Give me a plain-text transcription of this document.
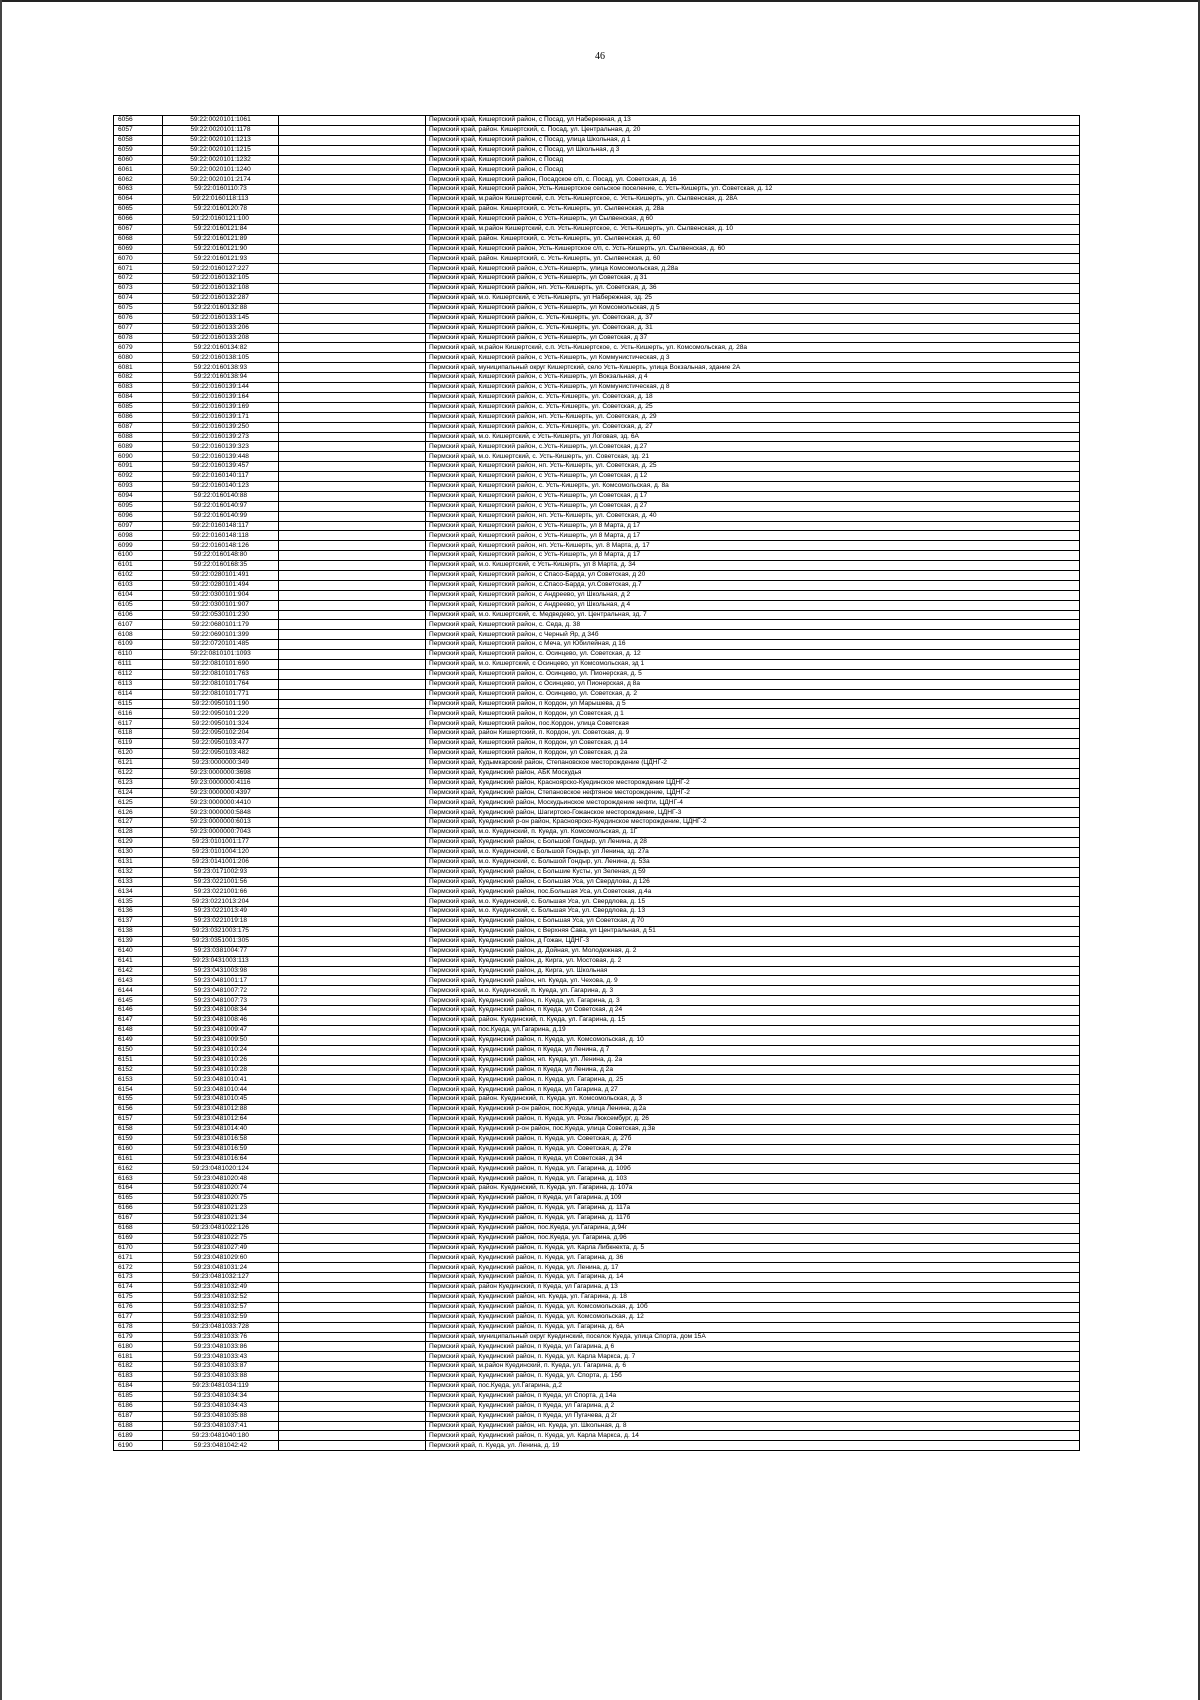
46
6056	59:22:0020101:1061		Пермский край, Кишертский район, с Посад, ул Набережная, д 13
6057	59:22:0020101:1178		Пермский край, район. Кишертский, с. Посад, ул. Центральная, д. 20
6058	59:22:0020101:1213		Пермский край, Кишертский район, с Посад, улица Школьная, д 1
6059	59:22:0020101:1215		Пермский край, Кишертский район, с Посад, ул Школьная, д 3
6060	59:22:0020101:1232		Пермский край, Кишертский район, с Посад
6061	59:22:0020101:1240		Пермский край, Кишертский район, с Посад
6062	59:22:0020101:2174		Пермский край, Кишертский район, Посадское с/п, с. Посад, ул. Советская, д. 16
6063	59:22:0160110:73		Пермский край, Кишертский район, Усть-Кишертское сельское поселение, с. Усть-Кишерть, ул. Советская, д. 12
6064	59:22:0160118:113		Пермский край, м.район Кишертский, с.п. Усть-Кишертское, с. Усть-Кишерть, ул. Сылвенская, д. 28А
6065	59:22:0160120:78		Пермский край, район. Кишертский, с. Усть-Кишерть, ул. Сылвенская, д. 28а
6066	59:22:0160121:100		Пермский край, Кишертский район, с Усть-Кишерть, ул Сылвенская, д 60
6067	59:22:0160121:84		Пермский край, м.район Кишертский, с.п. Усть-Кишертское, с. Усть-Кишерть, ул. Сылвенская, д. 10
6068	59:22:0160121:89		Пермский край, район. Кишертский, с. Усть-Кишерть, ул. Сылвенская, д. 60
6069	59:22:0160121:90		Пермский край, Кишертский район, Усть-Кишертское с/п, с. Усть-Кишерть, ул. Сылвенская, д. 60
6070	59:22:0160121:93		Пермский край, район. Кишертский, с. Усть-Кишерть, ул. Сылвенская, д. 60
6071	59:22:0160127:227		Пермский край, Кишертский район, с.Усть-Кишерть, улица Комсомольская, д.28а
6072	59:22:0160132:105		Пермский край, Кишертский район, с Усть-Кишерть, ул Советская, д 31
6073	59:22:0160132:108		Пермский край, Кишертский район, нп. Усть-Кишерть, ул. Советская, д. 36
6074	59:22:0160132:287		Пермский край, м.о. Кишертский, с Усть-Кишерть, ул Набережная, зд. 25
6075	59:22:0160132:88		Пермский край, Кишертский район, с Усть-Кишерть, ул Комсомольская, д 5
6076	59:22:0160133:145		Пермский край, Кишертский район, с. Усть-Кишерть, ул. Советская, д. 37
6077	59:22:0160133:206		Пермский край, Кишертский район, с. Усть-Кишерть, ул. Советская, д. 31
6078	59:22:0160133:208		Пермский край, Кишертский район, с Усть-Кишерть, ул Советская, д 37
6079	59:22:0160134:82		Пермский край, м.район Кишертский, с.п. Усть-Кишертское, с. Усть-Кишерть, ул. Комсомольская, д. 28а
6080	59:22:0160138:105		Пермский край, Кишертский район, с Усть-Кишерть, ул Коммунистическая, д 3
6081	59:22:0160138:93		Пермский край, муниципальный округ Кишертский, село Усть-Кишерть, улица Вокзальная, здание 2А
6082	59:22:0160138:94		Пермский край, Кишертский район, с Усть-Кишерть, ул Вокзальная, д 4
6083	59:22:0160139:144		Пермский край, Кишертский район, с Усть-Кишерть, ул Коммунистическая, д 8
6084	59:22:0160139:164		Пермский край, Кишертский район, с. Усть-Кишерть, ул. Советская, д. 18
6085	59:22:0160139:169		Пермский край, Кишертский район, с. Усть-Кишерть, ул. Советская, д. 25
6086	59:22:0160139:171		Пермский край, Кишертский район, нп. Усть-Кишерть, ул. Советская, д. 29
6087	59:22:0160139:250		Пермский край, Кишертский район, с. Усть-Кишерть, ул. Советская, д. 27
6088	59:22:0160139:273		Пермский край, м.о. Кишертский, с Усть-Кишерть, ул Логовая, зд. 6А
6089	59:22:0160139:323		Пермский край, Кишертский район, с.Усть-Кишерть, ул.Советская, д.27
6090	59:22:0160139:448		Пермский край, м.о. Кишертский, с. Усть-Кишерть, ул. Советская, зд. 21
6091	59:22:0160139:457		Пермский край, Кишертский район, нп. Усть-Кишерть, ул. Советская, д. 25
6092	59:22:0160140:117		Пермский край, Кишертский район, с Усть-Кишерть, ул Советская, д 12
6093	59:22:0160140:123		Пермский край, Кишертский район, с. Усть-Кишерть, ул. Комсомольская, д. 8а
6094	59:22:0160140:88		Пермский край, Кишертский район, с Усть-Кишерть, ул Советская, д 17
6095	59:22:0160140:97		Пермский край, Кишертский район, с Усть-Кишерть, ул Советская, д 27
6096	59:22:0160140:99		Пермский край, Кишертский район, нп. Усть-Кишерть, ул. Советская, д. 40
6097	59:22:0160148:117		Пермский край, Кишертский район, с Усть-Кишерть, ул 8 Марта, д 17
6098	59:22:0160148:118		Пермский край, Кишертский район, с Усть-Кишерть, ул 8 Марта, д 17
6099	59:22:0160148:126		Пермский край, Кишертский район, нп. Усть-Кишерть, ул. 8 Марта, д. 17
6100	59:22:0160148:80		Пермский край, Кишертский район, с Усть-Кишерть, ул 8 Марта, д 17
6101	59:22:0160168:35		Пермский край, м.о. Кишертский, с Усть-Кишерть, ул 8 Марта, д. 34
6102	59:22:0280101:491		Пермский край, Кишертский район, с Спасо-Барда, ул Советская, д 20
6103	59:22:0280101:494		Пермский край, Кишертский район, с.Спасо-Барда, ул.Советская, д.7
6104	59:22:0300101:904		Пермский край, Кишертский район, с Андреево, ул Школьная, д 2
6105	59:22:0300101:907		Пермский край, Кишертский район, с Андреево, ул Школьная, д 4
6106	59:22:0530101:230		Пермский край, м.о. Кишертский, с. Медведево, ул. Центральная, зд. 7
6107	59:22:0680101:179		Пермский край, Кишертский район, с. Седа, д. 38
6108	59:22:0690101:399		Пермский край, Кишертский район, с Черный Яр, д 34б
6109	59:22:0720101:485		Пермский край, Кишертский район, с Меча, ул Юбилейная, д 16
6110	59:22:0810101:1093		Пермский край, Кишертский район, с. Осинцево, ул. Советская, д. 12
6111	59:22:0810101:690		Пермский край, м.о. Кишертский, с Осинцево, ул Комсомольская, зд 1
6112	59:22:0810101:763		Пермский край, Кишертский район, с. Осинцево, ул. Пионерская, д. 5
6113	59:22:0810101:764		Пермский край, Кишертский район, с Осинцево, ул Пионерская, д 8а
6114	59:22:0810101:771		Пермский край, Кишертский район, с. Осинцево, ул. Советская, д. 2
6115	59:22:0950101:190		Пермский край, Кишертский район, п Кордон, ул Марышева, д 5
6116	59:22:0950101:229		Пермский край, Кишертский район, п Кордон, ул Советская, д 1
6117	59:22:0950101:324		Пермский край, Кишертский район, пос.Кордон, улица Советская
6118	59:22:0950102:204		Пермский край, район Кишертский, п. Кордон, ул. Советская, д. 9
6119	59:22:0950103:477		Пермский край, Кишертский район, п Кордон, ул Советская, д 14
6120	59:22:0950103:482		Пермский край, Кишертский район, п Кордон, ул Советская, д 2а
6121	59:23:0000000:349		Пермский край, Кудымкарский район, Степановское месторождение (ЦДНГ-2
6122	59:23:0000000:3698		Пермский край, Куединский район, АБК Москудья
6123	59:23:0000000:4116		Пермский край, Куединский район, Красноярско-Куединское месторождение ЦДНГ-2
6124	59:23:0000000:4397		Пермский край, Куединский район, Степановское нефтяное месторождение, ЦДНГ-2
6125	59:23:0000000:4410		Пермский край, Куединский район, Москудьинское месторождение нефти, ЦДНГ-4
6126	59:23:0000000:5848		Пермский край, Куединский район, Шагиртско-Гожанское месторождение, ЦДНГ-3
6127	59:23:0000000:6013		Пермский край, Куединский р-он район, Красноярско-Куединское месторождение, ЦДНГ-2
6128	59:23:0000000:7043		Пермский край, м.о. Куединский, п. Куеда, ул. Комсомольская, д. 1Г
6129	59:23:0101001:177		Пермский край, Куединский район, с Большой Гондыр, ул Ленина, д 28
6130	59:23:0101004:120		Пермский край, м.о. Куединский, с Большой Гондыр, ул Ленина, зд. 27а
6131	59:23:0141001:206		Пермский край, м.о. Куединский, с. Большой Гондыр, ул. Ленина, д. 53а
6132	59:23:0171002:93		Пермский край, Куединский район, с Большие Кусты, ул Зеленая, д 59
6133	59:23:0221001:56		Пермский край, Куединский район, с Большая Уса, ул Свердлова, д 126
6134	59:23:0221001:66		Пермский край, Куединский район, пос.Большая Уса, ул.Советская, д.4а
6135	59:23:0221013:204		Пермский край, м.о. Куединский, с. Большая Уса, ул. Свердлова, д. 15
6136	59:23:0221013:49		Пермский край, м.о. Куединский, с. Большая Уса, ул. Свердлова, д. 13
6137	59:23:0221019:18		Пермский край, Куединский район, с Большая Уса, ул Советская, д 70
6138	59:23:0321003:175		Пермский край, Куединский район, с Верхняя Сава, ул Центральная, д 51
6139	59:23:0351001:305		Пермский край, Куединский район, д Гожан, ЦДНГ-3
6140	59:23:0381004:77		Пермский край, Куединский район, д. Дойная, ул. Молодежная, д. 2
6141	59:23:0431003:113		Пермский край, Куединский район, д. Кирга, ул. Мостовая, д. 2
6142	59:23:0431003:98		Пермский край, Куединский район, д. Кирга, ул. Школьная
6143	59:23:0481001:17		Пермский край, Куединский район, нп. Куеда, ул. Чехова, д. 9
6144	59:23:0481007:72		Пермский край, м.о. Куединский, п. Куеда, ул. Гагарина, д. 3
6145	59:23:0481007:73		Пермский край, Куединский район, п. Куеда, ул. Гагарина, д. 3
6146	59:23:0481008:34		Пермский край, Куединский район, п Куеда, ул Советская, д 24
6147	59:23:0481008:46		Пермский край, район. Куединский, п. Куеда, ул. Гагарина, д. 15
6148	59:23:0481009:47		Пермский край, пос.Куеда, ул.Гагарина, д.19
6149	59:23:0481009:50		Пермский край, Куединский район, п. Куеда, ул. Комсомольская, д. 10
6150	59:23:0481010:24		Пермский край, Куединский район, п Куеда, ул Ленина, д 7
6151	59:23:0481010:26		Пермский край, Куединский район, нп. Куеда, ул. Ленина, д. 2а
6152	59:23:0481010:28		Пермский край, Куединский район, п Куеда, ул Ленина, д 2а
6153	59:23:0481010:41		Пермский край, Куединский район, п. Куеда, ул. Гагарина, д. 25
6154	59:23:0481010:44		Пермский край, Куединский район, п Куеда, ул Гагарина, д 27
6155	59:23:0481010:45		Пермский край, район. Куединский, п. Куеда, ул. Комсомольская, д. 3
6156	59:23:0481012:88		Пермский край, Куединский р-он район, пос.Куеда, улица Ленина, д.2а
6157	59:23:0481012:64		Пермский край, Куединский район, п. Куеда, ул. Розы Люксембург, д. 26
6158	59:23:0481014:40		Пермский край, Куединский р-он район, пос.Куеда, улица Советская, д.3в
6159	59:23:0481016:58		Пермский край, Куединский район, п. Куеда, ул. Советская, д. 27б
6160	59:23:0481016:59		Пермский край, Куединский район, п. Куеда, ул. Советская, д. 27в
6161	59:23:0481016:64		Пермский край, Куединский район, п Куеда, ул Советская, д 34
6162	59:23:0481020:124		Пермский край, Куединский район, п. Куеда, ул. Гагарина, д. 109б
6163	59:23:0481020:48		Пермский край, Куединский район, п. Куеда, ул. Гагарина, д. 103
6164	59:23:0481020:74		Пермский край, район. Куединский, п. Куеда, ул. Гагарина, д. 107а
6165	59:23:0481020:75		Пермский край, Куединский район, п Куеда, ул Гагарина, д 109
6166	59:23:0481021:23		Пермский край, Куединский район, п. Куеда, ул. Гагарина, д. 117а
6167	59:23:0481021:34		Пермский край, Куединский район, п. Куеда, ул. Гагарина, д. 117б
6168	59:23:0481022:126		Пермский край, Куединский район, пос.Куеда, ул.Гагарина, д.94г
6169	59:23:0481022:75		Пермский край, Куединский район, пос.Куеда, ул. Гагарина, д.96
6170	59:23:0481027:49		Пермский край, Куединский район, п. Куеда, ул. Карла Либкнехта, д. 5
6171	59:23:0481029:60		Пермский край, Куединский район, п. Куеда, ул. Гагарина, д. 36
6172	59:23:0481031:24		Пермский край, Куединский район, п. Куеда, ул. Ленина, д. 17
6173	59:23:0481032:127		Пермский край, Куединский район, п. Куеда, ул. Гагарина, д. 14
6174	59:23:0481032:49		Пермский край, район Куединский, п Куеда, ул Гагарина, д 13
6175	59:23:0481032:52		Пермский край, Куединский район, нп. Куеда, ул. Гагарина, д. 18
6176	59:23:0481032:57		Пермский край, Куединский район, п. Куеда, ул. Комсомольская, д. 10б
6177	59:23:0481032:59		Пермский край, Куединский район, п. Куеда, ул. Комсомольская, д. 12
6178	59:23:0481033:728		Пермский край, Куединский район, п. Куеда, ул. Гагарина, д. 6А
6179	59:23:0481033:76		Пермский край, муниципальный округ Куединский, поселок Куеда, улица Спорта, дом 15А
6180	59:23:0481033:86		Пермский край, Куединский район, п Куеда, ул Гагарина, д 6
6181	59:23:0481033:43		Пермский край, Куединский район, п. Куеда, ул. Карла Маркса, д. 7
6182	59:23:0481033:87		Пермский край, м.район Куединский, п. Куеда, ул. Гагарина, д. 6
6183	59:23:0481033:88		Пермский край, Куединский район, п. Куеда, ул. Спорта, д. 15б
6184	59:23:0481034:119		Пермский край, пос.Куеда, ул.Гагарина, д.2
6185	59:23:0481034:34		Пермский край, Куединский район, п Куеда, ул Спорта, д 14а
6186	59:23:0481034:43		Пермский край, Куединский район, п Куеда, ул Гагарина, д 2
6187	59:23:0481035:88		Пермский край, Куединский район, п Куеда, ул Пугачева, д 2г
6188	59:23:0481037:41		Пермский край, Куединский район, нп. Куеда, ул. Школьная, д. 8
6189	59:23:0481040:180		Пермский край, Куединский район, п. Куеда, ул. Карла Маркса, д. 14
6190	59:23:0481042:42		Пермский край, п. Куеда, ул. Ленина, д. 19
